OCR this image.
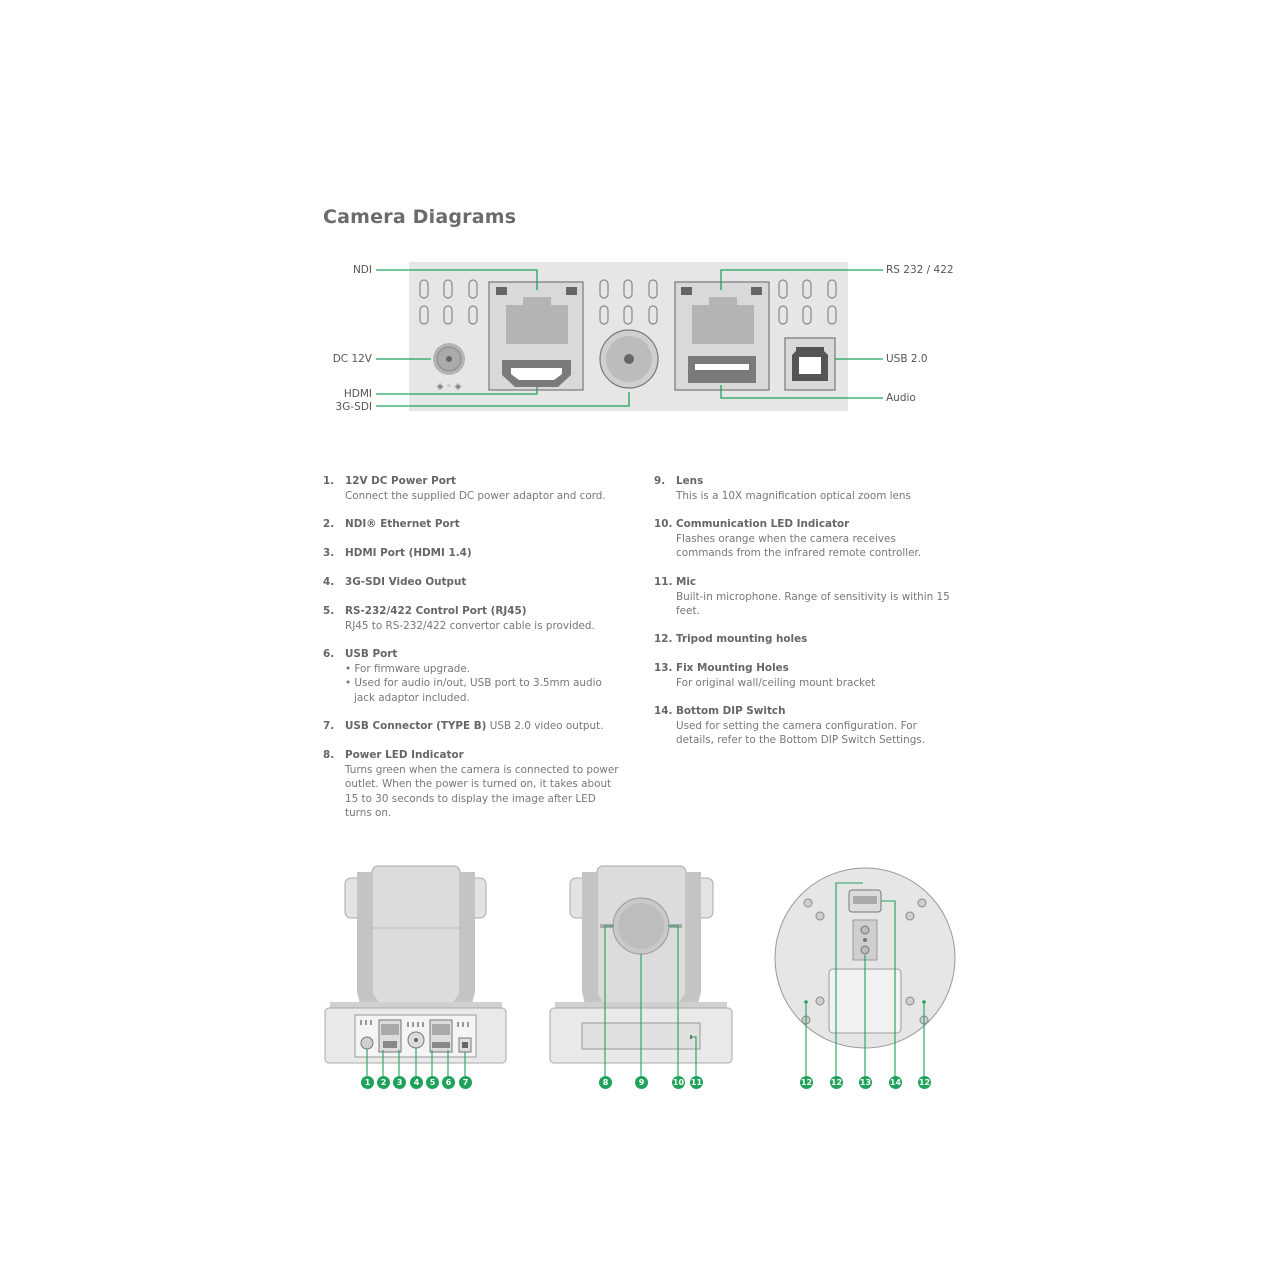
Camera Diagrams
◈ ◦ ◈
NDI
DC 12V
HDMI
3G-SDI
RS 232 / 422
USB 2.0
Audio
1. 12V DC Power Port
Connect the supplied DC power adaptor and cord.
2. NDI® Ethernet Port
3. HDMI Port (HDMI 1.4)
4. 3G-SDI Video Output
5. RS-232/422 Control Port (RJ45)
RJ45 to RS-232/422 convertor cable is provided.
6. USB Port
• For firmware upgrade.
• Used for audio in/out, USB port to 3.5mm audio jack adaptor included.
7. USB Connector (TYPE B) USB 2.0 video output.
8. Power LED Indicator
Turns green when the camera is connected to power outlet. When the power is turned on, it takes about 15 to 30 seconds to display the image after LED turns on.
9. Lens
This is a 10X magnification optical zoom lens
10. Communication LED Indicator
Flashes orange when the camera receives commands from the infrared remote controller.
11. Mic
Built-in microphone. Range of sensitivity is within 15 feet.
12. Tripod mounting holes
13. Fix Mounting Holes
For original wall/ceiling mount bracket
14. Bottom DIP Switch
Used for setting the camera configuration. For details, refer to the Bottom DIP Switch Settings.
1	2	3	4	5	6	7	8	9	10 11	12 12 13 14 12
